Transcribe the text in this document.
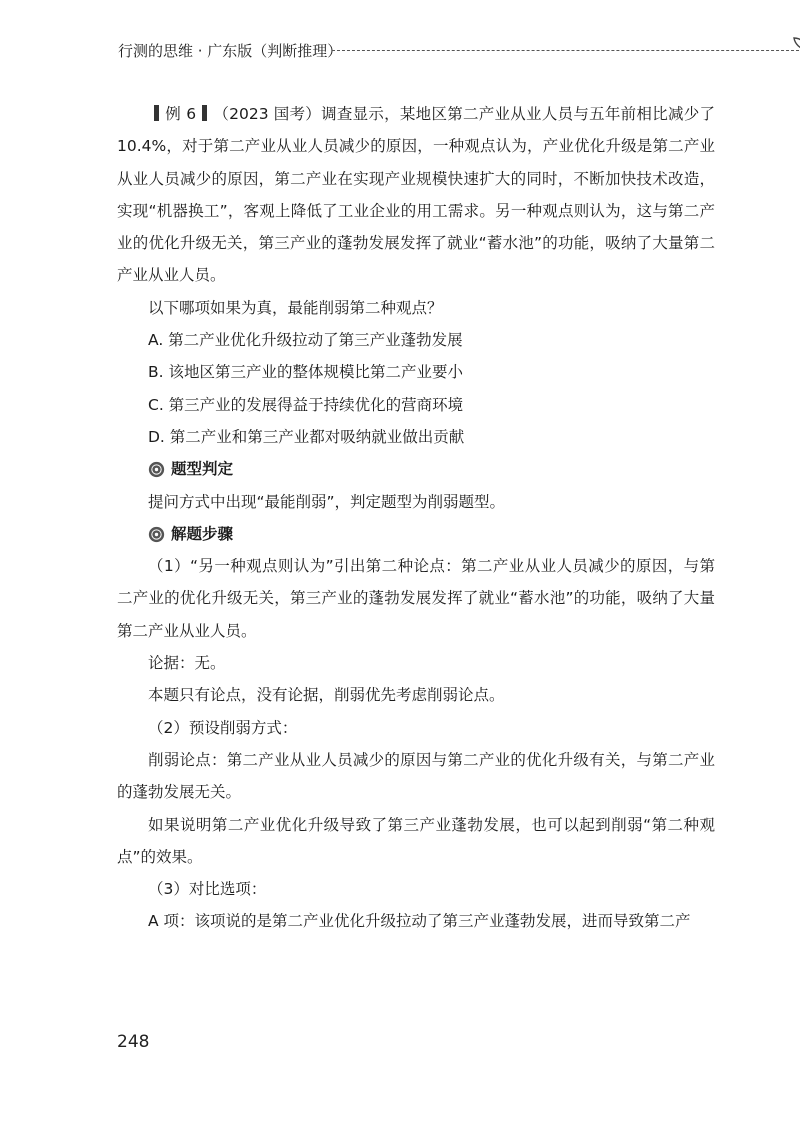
行测的思维 · 广东版（判断推理）

例 6 （2023 国考）调查显示，某地区第二产业从业人员与五年前相比减少了 10.4%，对于第二产业从业人员减少的原因，一种观点认为，产业优化升级是第二产业从业人员减少的原因，第二产业在实现产业规模快速扩大的同时，不断加快技术改造，实现“机器换工”，客观上降低了工业企业的用工需求。另一种观点则认为，这与第二产业的优化升级无关，第三产业的蓬勃发展发挥了就业“蓄水池”的功能，吸纳了大量第二产业从业人员。

以下哪项如果为真，最能削弱第二种观点？

A. 第二产业优化升级拉动了第三产业蓬勃发展

B. 该地区第三产业的整体规模比第二产业要小

C. 第三产业的发展得益于持续优化的营商环境

D. 第二产业和第三产业都对吸纳就业做出贡献

题型判定

提问方式中出现“最能削弱”，判定题型为削弱题型。

解题步骤

（1）“另一种观点则认为”引出第二种论点：第二产业从业人员减少的原因，与第二产业的优化升级无关，第三产业的蓬勃发展发挥了就业“蓄水池”的功能，吸纳了大量第二产业从业人员。

论据：无。

本题只有论点，没有论据，削弱优先考虑削弱论点。

（2）预设削弱方式：

削弱论点：第二产业从业人员减少的原因与第二产业的优化升级有关，与第二产业的蓬勃发展无关。

如果说明第二产业优化升级导致了第三产业蓬勃发展，也可以起到削弱“第二种观点”的效果。

（3）对比选项：

A 项：该项说的是第二产业优化升级拉动了第三产业蓬勃发展，进而导致第二产

248
